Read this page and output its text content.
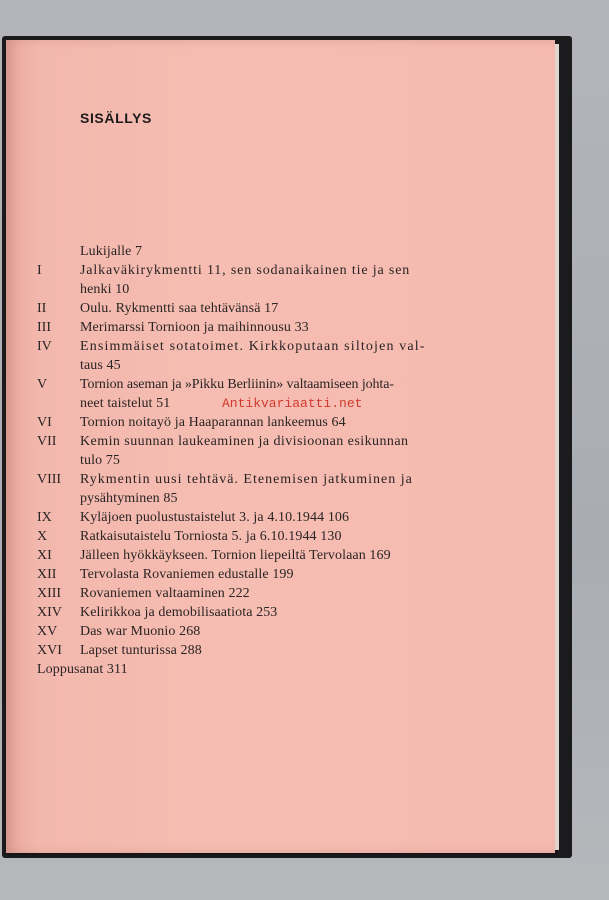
SISÄLLYS
Lukijalle 7
I	Jalkaväkirykmentti 11, sen sodanaikainen tie ja sen
henki 10
II Oulu. Rykmentti saa tehtävänsä 17
III Merimarssi Tornioon ja maihinnousu 33
IV Ensimmäiset sotatoimet. Kirkkoputaan siltojen val-
taus 45
V Tornion aseman ja »Pikku Berliinin» valtaamiseen johta-
neet taistelut 51
VI Tornion noitayö ja Haaparannan lankeemus 64
VII Kemin suunnan laukeaminen ja divisioonan esikunnan
tulo 75
VIII Rykmentin uusi tehtävä. Etenemisen jatkuminen ja
pysähtyminen 85
IX Kyläjoen puolustustaistelut 3. ja 4.10.1944 106
X Ratkaisutaistelu Torniosta 5. ja 6.10.1944 130
XI Jälleen hyökkäykseen. Tornion liepeiltä Tervolaan 169
XII Tervolasta Rovaniemen edustalle 199
XIII Rovaniemen valtaaminen 222
XIV Kelirikkoa ja demobilisaatiota 253
XV Das war Muonio 268
XVI Lapset tunturissa 288
Loppusanat 311
Antikvariaatti.net
